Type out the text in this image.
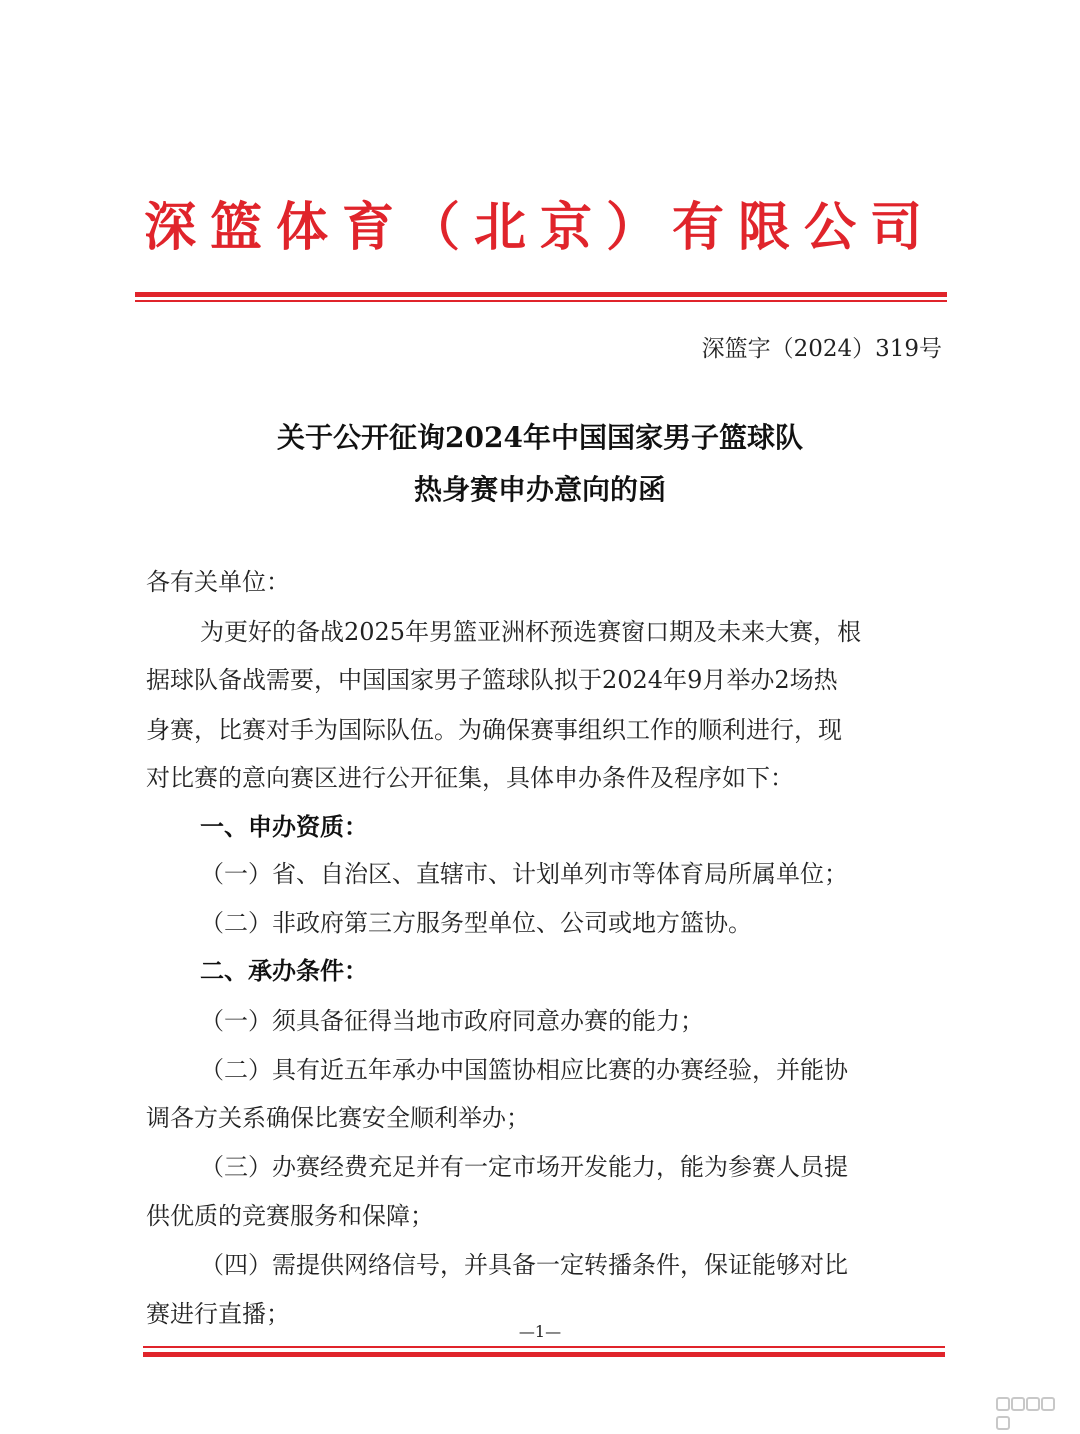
深篮体育（北京）有限公司
深篮字（2024）319号
关于公开征询2024年中国国家男子篮球队
热身赛申办意向的函
各有关单位：
为更好的备战2025年男篮亚洲杯预选赛窗口期及未来大赛，根
据球队备战需要，中国国家男子篮球队拟于2024年9月举办2场热
身赛，比赛对手为国际队伍。为确保赛事组织工作的顺利进行，现
对比赛的意向赛区进行公开征集，具体申办条件及程序如下：
一、申办资质：
（一）省、自治区、直辖市、计划单列市等体育局所属单位；
（二）非政府第三方服务型单位、公司或地方篮协。
二、承办条件：
（一）须具备征得当地市政府同意办赛的能力；
（二）具有近五年承办中国篮协相应比赛的办赛经验，并能协
调各方关系确保比赛安全顺利举办；
（三）办赛经费充足并有一定市场开发能力，能为参赛人员提
供优质的竞赛服务和保障；
（四）需提供网络信号，并具备一定转播条件，保证能够对比
赛进行直播；
—1—
